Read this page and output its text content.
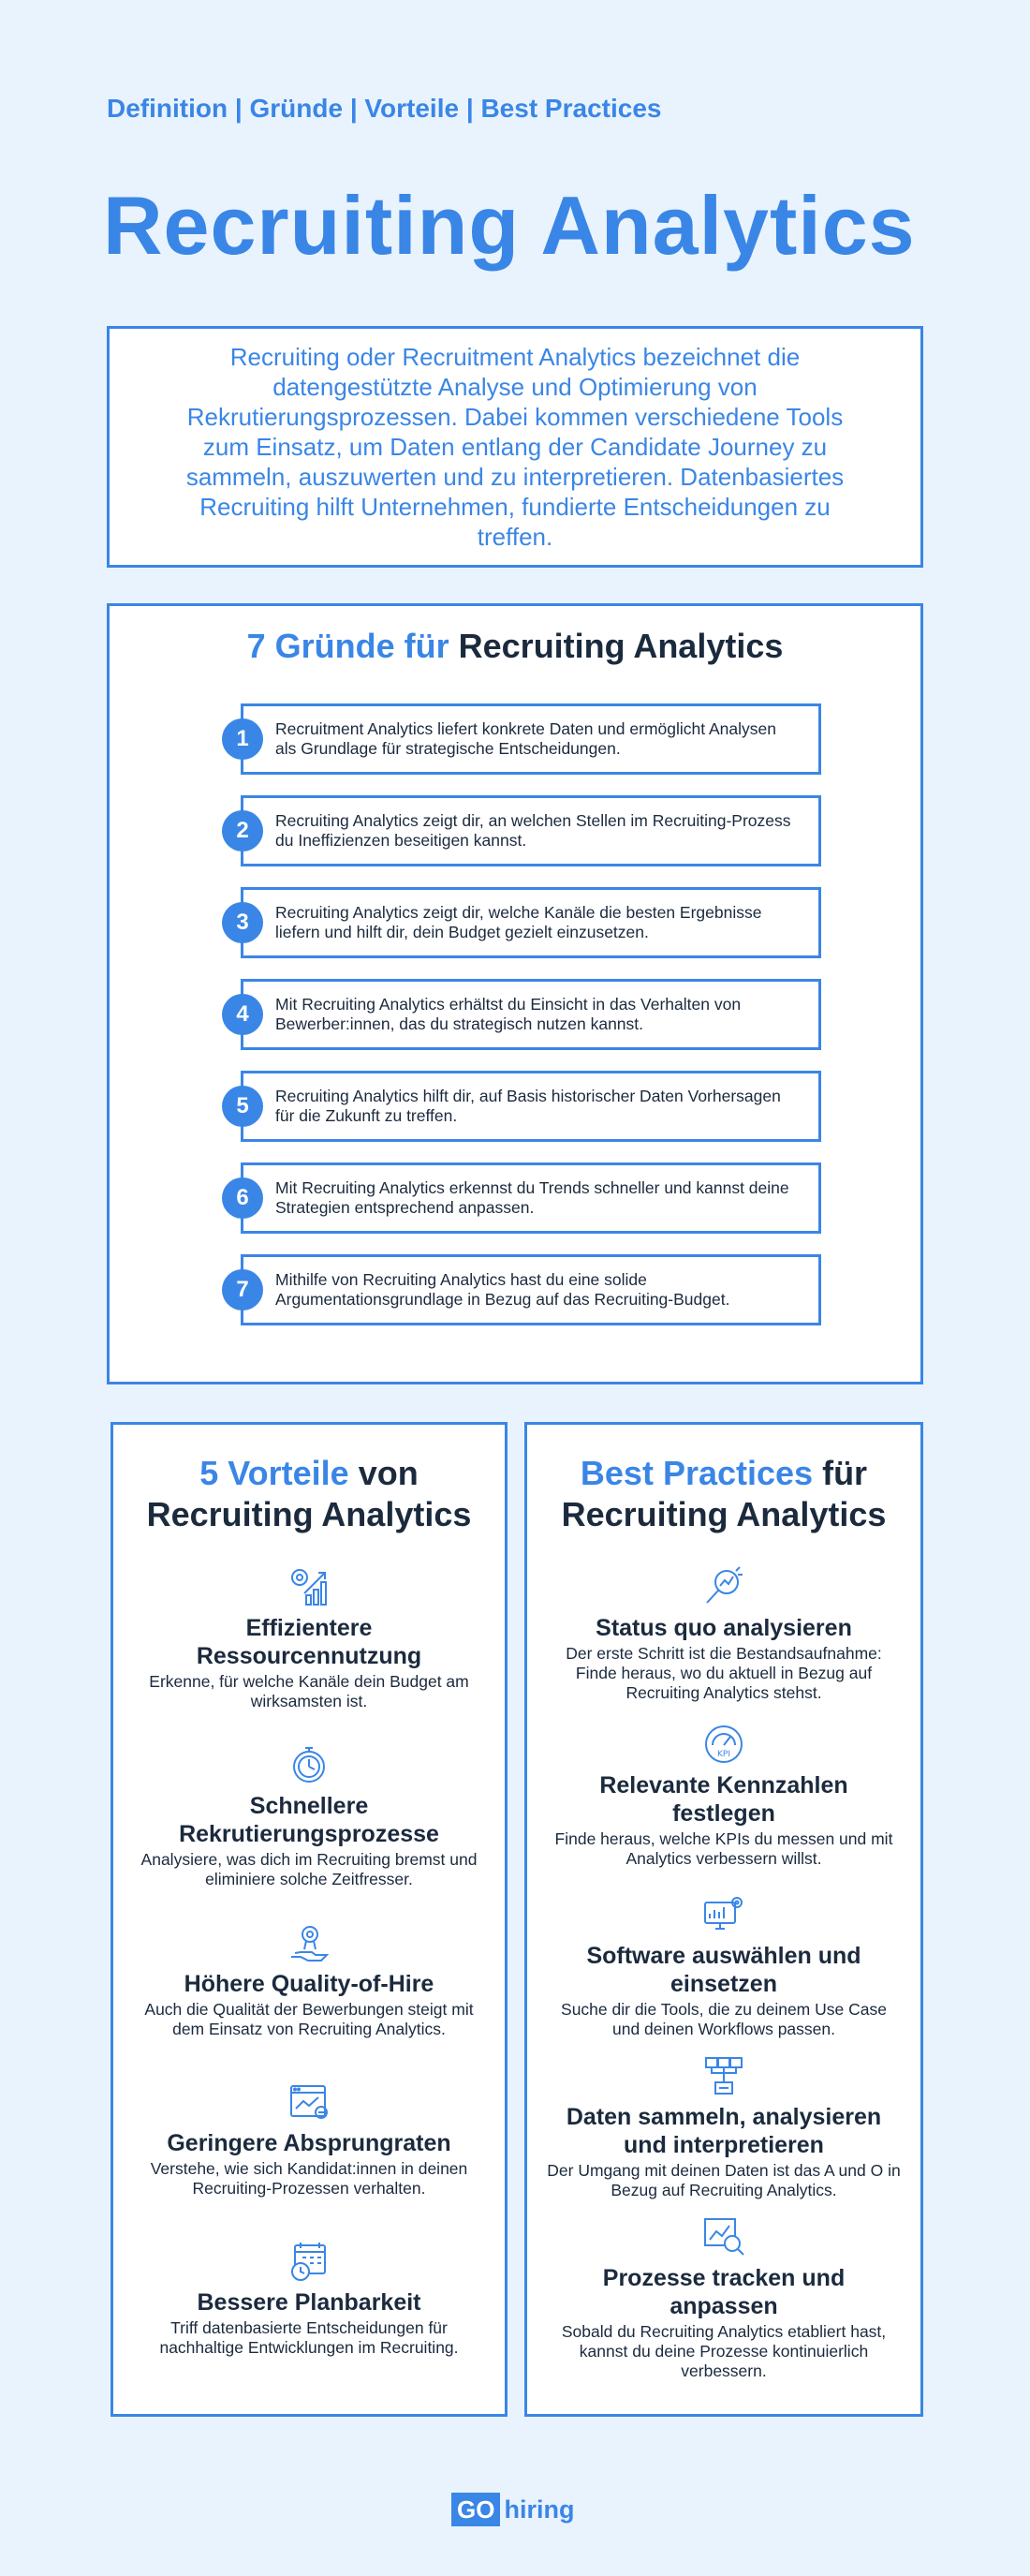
Definition | Gründe | Vorteile | Best Practices
Recruiting Analytics

Recruiting oder Recruitment Analytics bezeichnet die datengestützte Analyse und Optimierung von Rekrutierungsprozessen. Dabei kommen verschiedene Tools zum Einsatz, um Daten entlang der Candidate Journey zu sammeln, auszuwerten und zu interpretieren. Datenbasiertes Recruiting hilft Unternehmen, fundierte Entscheidungen zu treffen.

7 Gründe für Recruiting Analytics
1	Recruitment Analytics liefert konkrete Daten und ermöglicht Analysen als Grundlage für strategische Entscheidungen.
2	Recruiting Analytics zeigt dir, an welchen Stellen im Recruiting-Prozess du Ineffizienzen beseitigen kannst.
3	Recruiting Analytics zeigt dir, welche Kanäle die besten Ergebnisse liefern und hilft dir, dein Budget gezielt einzusetzen.
4	Mit Recruiting Analytics erhältst du Einsicht in das Verhalten von Bewerber:innen, das du strategisch nutzen kannst.
5	Recruiting Analytics hilft dir, auf Basis historischer Daten Vorhersagen für die Zukunft zu treffen.
6	Mit Recruiting Analytics erkennst du Trends schneller und kannst deine Strategien entsprechend anpassen.
7	Mithilfe von Recruiting Analytics hast du eine solide Argumentationsgrundlage in Bezug auf das Recruiting-Budget.
5 Vorteile von
Recruiting Analytics
Effizientere Ressourcennutzung
Erkenne, für welche Kanäle dein Budget am wirksamsten ist.
Schnellere Rekrutierungsprozesse
Analysiere, was dich im Recruiting bremst und eliminiere solche Zeitfresser.
Höhere Quality-of-Hire
Auch die Qualität der Bewerbungen steigt mit dem Einsatz von Recruiting Analytics.
Geringere Absprungraten
Verstehe, wie sich Kandidat:innen in deinen Recruiting-Prozessen verhalten.
Bessere Planbarkeit
Triff datenbasierte Entscheidungen für nachhaltige Entwicklungen im Recruiting.
Best Practices für
Recruiting Analytics
Status quo analysieren
Der erste Schritt ist die Bestandsaufnahme: Finde heraus, wo du aktuell in Bezug auf Recruiting Analytics stehst.
KPI
Relevante Kennzahlen festlegen
Finde heraus, welche KPIs du messen und mit Analytics verbessern willst.
Software auswählen und einsetzen
Suche dir die Tools, die zu deinem Use Case und deinen Workflows passen.
Daten sammeln, analysieren und interpretieren
Der Umgang mit deinen Daten ist das A und O in Bezug auf Recruiting Analytics.
Prozesse tracken und anpassen
Sobald du Recruiting Analytics etabliert hast, kannst du deine Prozesse kontinuierlich verbessern.
GO hiring
